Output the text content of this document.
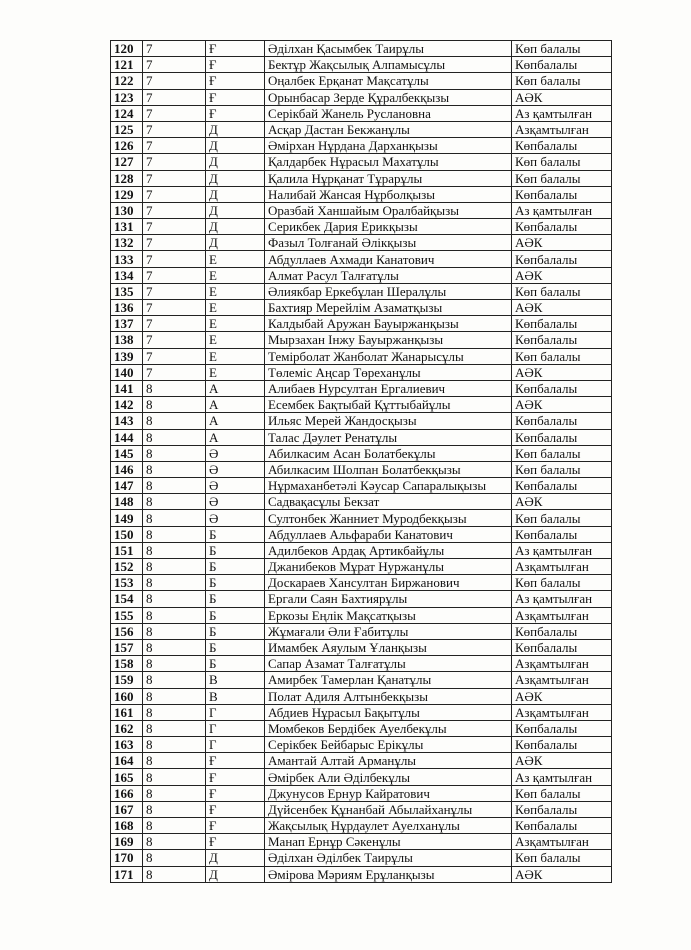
120	7	Ғ	Әділхан Қасымбек Таирұлы	Көп балалы
121	7	Ғ	Бектұр Жақсылық Алпамысұлы	Көпбалалы
122	7	Ғ	Оңалбек Ерқанат Мақсатұлы	Көп балалы
123	7	Ғ	Орынбасар Зерде Құралбекқызы	АӘК
124	7	Ғ	Серікбай Жанель Руслановна	Аз қамтылған
125	7	Д	Асқар Дастан Бекжанұлы	Азқамтылған
126	7	Д	Әмірхан Нұрдана Дарханқызы	Көпбалалы
127	7	Д	Қалдарбек Нұрасыл Махатұлы	Көп балалы
128	7	Д	Қалила Нұрқанат Тұрарұлы	Көп балалы
129	7	Д	Налибай Жансая Нұрболқызы	Көпбалалы
130	7	Д	Оразбай Ханшайым Оралбайқызы	Аз қамтылған
131	7	Д	Серикбек Дария Ерикқызы	Көпбалалы
132	7	Д	Фазыл Толғанай Әлікқызы	АӘК
133	7	Е	Абдуллаев Ахмади Канатович	Көпбалалы
134	7	Е	Алмат Расул Талғатұлы	АӘК
135	7	Е	Әлиякбар Еркебұлан Шералұлы	Көп балалы
136	7	Е	Бахтияр Мерейлім Азаматқызы	АӘК
137	7	Е	Калдыбай Аружан Бауыржанқызы	Көпбалалы
138	7	Е	Мырзахан Інжу Бауыржанқызы	Көпбалалы
139	7	Е	Темірболат Жанболат Жанарысұлы	Көп балалы
140	7	Е	Төлеміс Аңсар Төреханұлы	АӘК
141	8	А	Алибаев Нурсултан Ергалиевич	Көпбалалы
142	8	А	Есембек Бақтыбай Құттыбайұлы	АӘК
143	8	А	Ильяс Мерей Жандосқызы	Көпбалалы
144	8	А	Талас Дәулет Ренатұлы	Көпбалалы
145	8	Ә	Абилкасим Асан Болатбекұлы	Көп балалы
146	8	Ә	Абилкасим Шолпан Болатбекқызы	Көп балалы
147	8	Ә	Нұрмаханбетәлі Кәусар Сапаралықызы	Көпбалалы
148	8	Ә	Садвақасұлы Бекзат	АӘК
149	8	Ә	Султонбек Жанниет Муродбекқызы	Көп балалы
150	8	Б	Абдуллаев Альфараби Канатович	Көпбалалы
151	8	Б	Адилбеков Ардақ Артикбайұлы	Аз қамтылған
152	8	Б	Джанибеков Мұрат Нуржанұлы	Азқамтылған
153	8	Б	Доскараев Хансултан Биржанович	Көп балалы
154	8	Б	Ергали Саян Бахтиярұлы	Аз қамтылған
155	8	Б	Еркозы Еңлік Мақсатқызы	Азқамтылған
156	8	Б	Жұмағали Әли Ғабитұлы	Көпбалалы
157	8	Б	Имамбек Аяулым Ұланқызы	Көпбалалы
158	8	Б	Сапар Азамат Талғатұлы	Азқамтылған
159	8	В	Амирбек Тамерлан Қанатұлы	Азқамтылған
160	8	В	Полат Адиля Алтынбекқызы	АӘК
161	8	Г	Абдиев Нұрасыл Бақытұлы	Азқамтылған
162	8	Г	Момбеков Бердібек Ауелбекұлы	Көпбалалы
163	8	Г	Серікбек Бейбарыс Ерікұлы	Көпбалалы
164	8	Ғ	Амантай Алтай Арманұлы	АӘК
165	8	Ғ	Әмірбек Али Әділбекұлы	Аз қамтылған
166	8	Ғ	Джунусов Ернур Кайратович	Көп балалы
167	8	Ғ	Дүйсенбек Құнанбай Абылайханұлы	Көпбалалы
168	8	Ғ	Жақсылық Нұрдаулет Ауелханұлы	Көпбалалы
169	8	Ғ	Манап Ернұр Сәкенұлы	Азқамтылған
170	8	Д	Әділхан Әділбек Таирұлы	Көп балалы
171	8	Д	Әмірова Мәриям Ерұланқызы	АӘК
